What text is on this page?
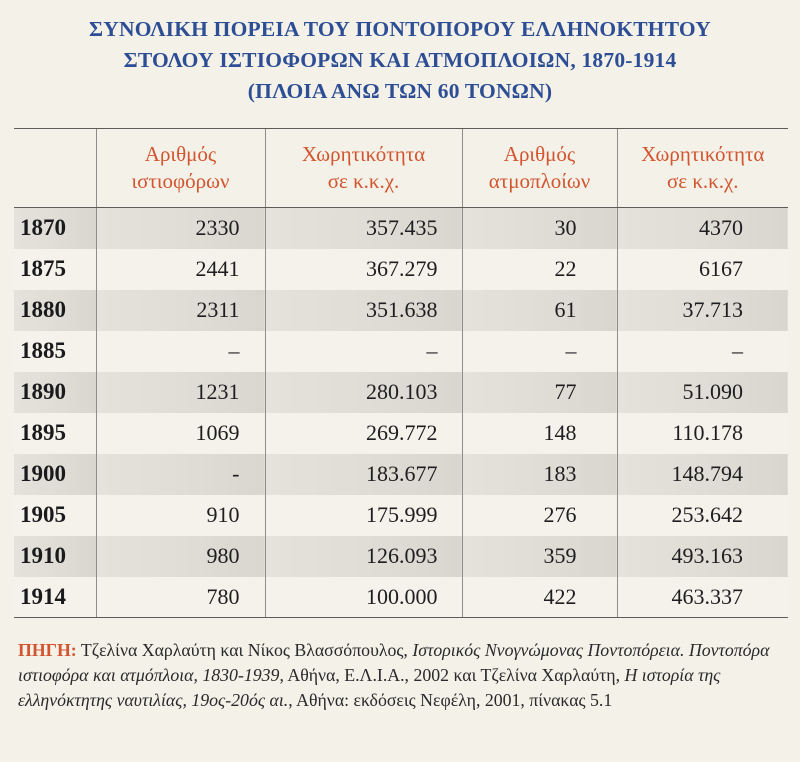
ΣΥΝΟΛΙΚΗ ΠΟΡΕΙΑ ΤΟΥ ΠΟΝΤΟΠΟΡΟΥ ΕΛΛΗΝΟΚΤΗΤΟΥ
ΣΤΟΛΟΥ ΙΣΤΙΟΦΟΡΩΝ ΚΑΙ ΑΤΜΟΠΛΟΙΩΝ, 1870-1914
(ΠΛΟΙΑ ΑΝΩ ΤΩΝ 60 ΤΟΝΩΝ)
	Αριθμός
ιστιοφόρων	Χωρητικότητα
σε κ.κ.χ.	Αριθμός
ατμοπλοίων	Χωρητικότητα
σε κ.κ.χ.
1870	2330	357.435	30	4370
1875	2441	367.279	22	6167
1880	2311	351.638	61	37.713
1885	–	–	–	–
1890	1231	280.103	77	51.090
1895	1069	269.772	148	110.178
1900	-	183.677	183	148.794
1905	910	175.999	276	253.642
1910	980	126.093	359	493.163
1914	780	100.000	422	463.337
ΠΗΓΗ: Τζελίνα Χαρλαύτη και Νίκος Βλασσόπουλος, Ιστορικός Ννογνώμονας Ποντοπόρεια. Ποντοπόρα ιστιοφόρα και ατμόπλοια, 1830-1939, Αθήνα, Ε.Λ.Ι.Α., 2002 και Τζελίνα Χαρλαύτη, Η ιστορία της ελληνόκτητης ναυτιλίας, 19ος-20ός αι., Αθήνα: εκδόσεις Νεφέλη, 2001, πίνακας 5.1
